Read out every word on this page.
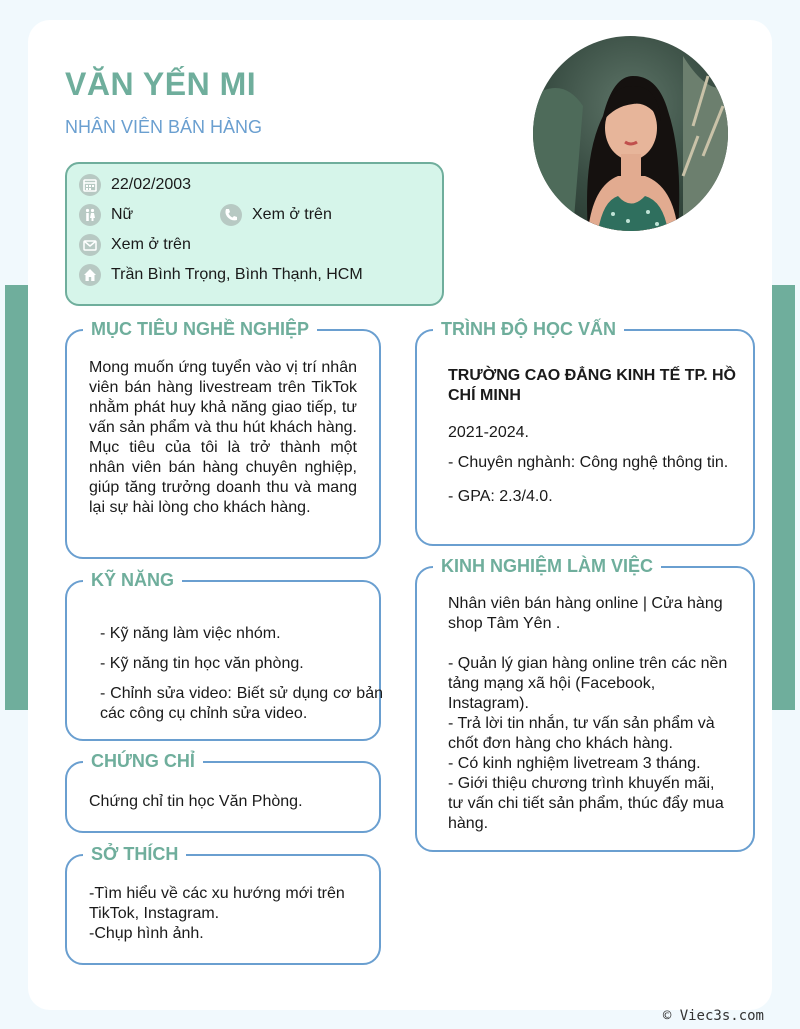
VĂN YẾN MI
NHÂN VIÊN BÁN HÀNG
22/02/2003
Nữ	Xem ở trên
Xem ở trên
Trần Bình Trọng, Bình Thạnh, HCM
MỤC TIÊU NGHỀ NGHIỆP
Mong muốn ứng tuyển vào vị trí nhân viên bán hàng livestream trên TikTok nhằm phát huy khả năng giao tiếp, tư vấn sản phẩm và thu hút khách hàng. Mục tiêu của tôi là trở thành một nhân viên bán hàng chuyên nghiệp, giúp tăng trưởng doanh thu và mang lại sự hài lòng cho khách hàng.
KỸ NĂNG
- Kỹ năng làm việc nhóm.
- Kỹ năng tin học văn phòng.
- Chỉnh sửa video: Biết sử dụng cơ bản các công cụ chỉnh sửa video.
CHỨNG CHỈ
Chứng chỉ tin học Văn Phòng.
SỞ THÍCH
-Tìm hiểu về các xu hướng mới trên TikTok, Instagram.
-Chụp hình ảnh.
TRÌNH ĐỘ HỌC VẤN
TRƯỜNG CAO ĐẲNG KINH TẾ TP. HỒ CHÍ MINH
2021-2024.
- Chuyên nghành: Công nghệ thông tin.
- GPA: 2.3/4.0.
KINH NGHIỆM LÀM VIỆC
Nhân viên bán hàng online | Cửa hàng shop Tâm Yên .
- Quản lý gian hàng online trên các nền tảng mạng xã hội (Facebook, Instagram).
- Trả lời tin nhắn, tư vấn sản phẩm và chốt đơn hàng cho khách hàng.
- Có kinh nghiệm livetream 3 tháng.
- Giới thiệu chương trình khuyến mãi, tư vấn chi tiết sản phẩm, thúc đẩy mua hàng.
© Viec3s.com
